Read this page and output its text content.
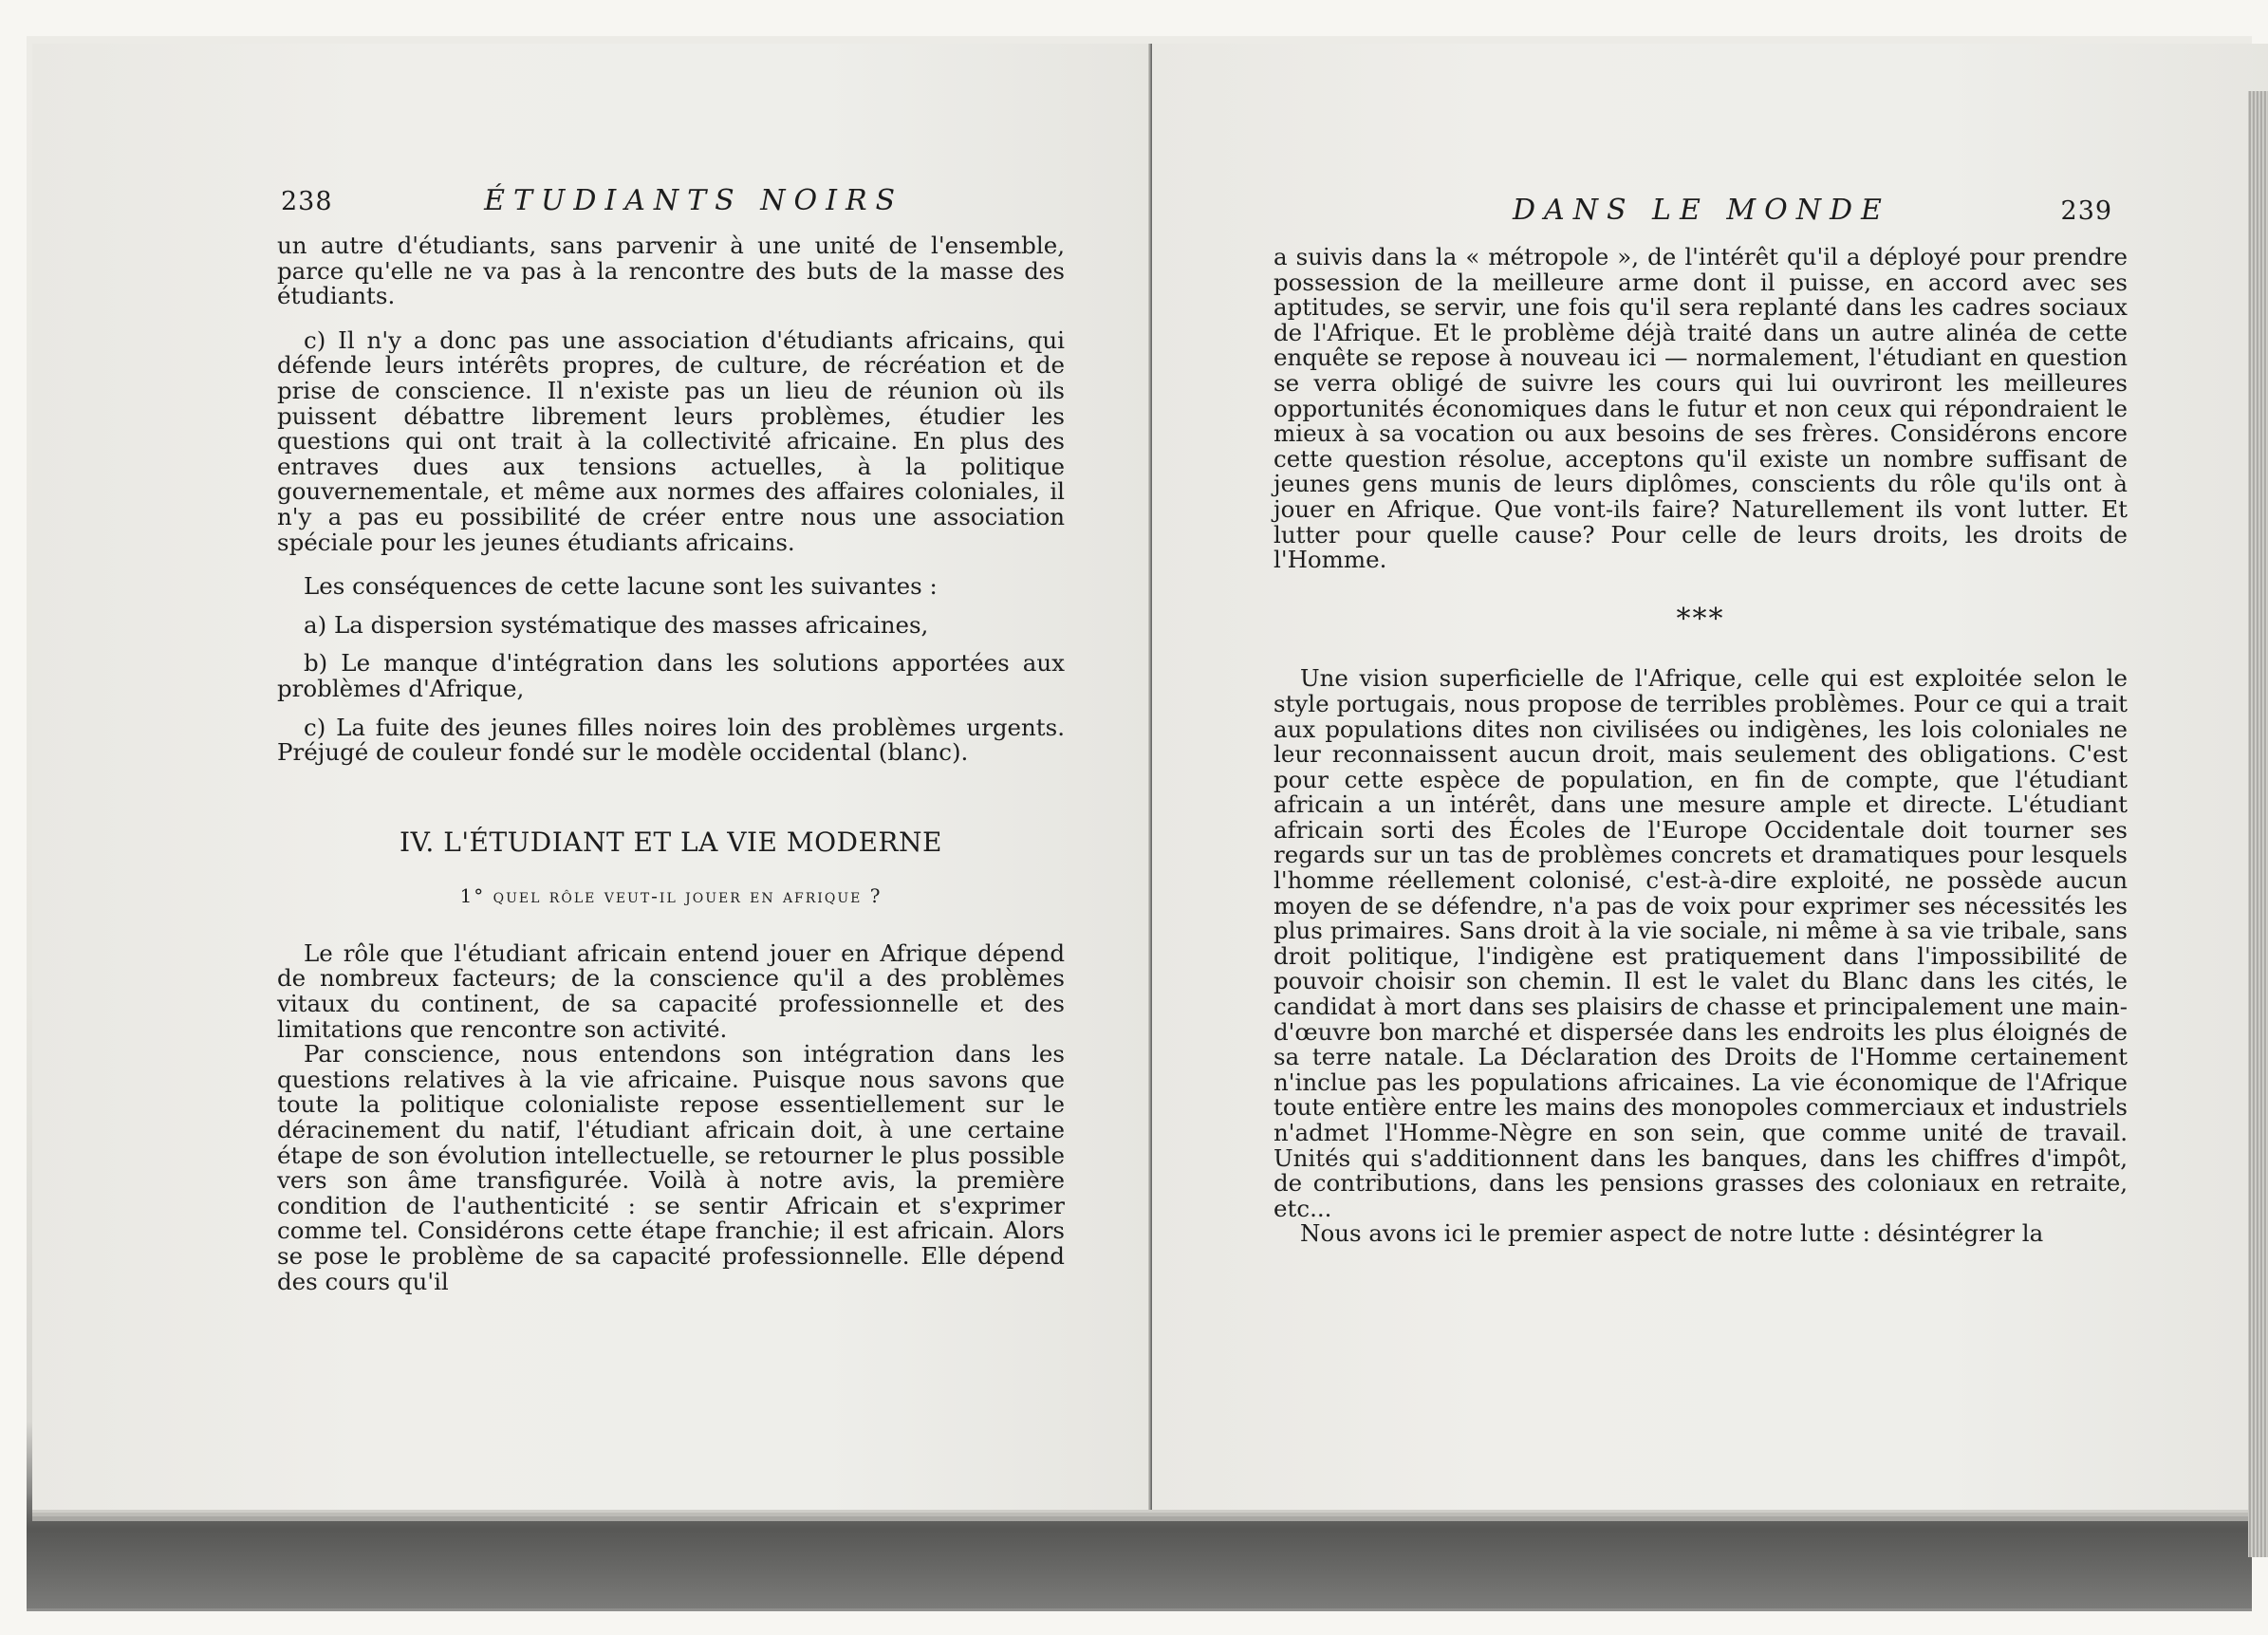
238	ÉTUDIANTS NOIRS

un autre d'étudiants, sans parvenir à une unité de l'ensemble, parce qu'elle ne va pas à la rencontre des buts de la masse des étudiants.

c) Il n'y a donc pas une association d'étudiants africains, qui défende leurs intérêts propres, de culture, de récréation et de prise de conscience. Il n'existe pas un lieu de réunion où ils puissent débattre librement leurs problèmes, étudier les questions qui ont trait à la collectivité africaine. En plus des entraves dues aux tensions actuelles, à la politique gouvernementale, et même aux normes des affaires coloniales, il n'y a pas eu possibilité de créer entre nous une association spéciale pour les jeunes étudiants africains.

Les conséquences de cette lacune sont les suivantes :

a) La dispersion systématique des masses africaines,

b) Le manque d'intégration dans les solutions apportées aux problèmes d'Afrique,

c) La fuite des jeunes filles noires loin des problèmes urgents. Préjugé de couleur fondé sur le modèle occidental (blanc).

IV. L'ÉTUDIANT ET LA VIE MODERNE
1° quel rôle veut-il jouer en afrique ?

Le rôle que l'étudiant africain entend jouer en Afrique dépend de nombreux facteurs; de la conscience qu'il a des problèmes vitaux du continent, de sa capacité professionnelle et des limitations que rencontre son activité.

Par conscience, nous entendons son intégration dans les questions relatives à la vie africaine. Puisque nous savons que toute la politique colonialiste repose essentiellement sur le déracinement du natif, l'étudiant africain doit, à une certaine étape de son évolution intellectuelle, se retourner le plus possible vers son âme transfigurée. Voilà à notre avis, la première condition de l'authenticité : se sentir Africain et s'exprimer comme tel. Considérons cette étape franchie; il est africain. Alors se pose le problème de sa capacité professionnelle. Elle dépend des cours qu'il

DANS LE MONDE	239

a suivis dans la « métropole », de l'intérêt qu'il a déployé pour prendre possession de la meilleure arme dont il puisse, en accord avec ses aptitudes, se servir, une fois qu'il sera replanté dans les cadres sociaux de l'Afrique. Et le problème déjà traité dans un autre alinéa de cette enquête se repose à nouveau ici — normalement, l'étudiant en question se verra obligé de suivre les cours qui lui ouvriront les meilleures opportunités économiques dans le futur et non ceux qui répondraient le mieux à sa vocation ou aux besoins de ses frères. Considérons encore cette question résolue, acceptons qu'il existe un nombre suffisant de jeunes gens munis de leurs diplômes, conscients du rôle qu'ils ont à jouer en Afrique. Que vont-ils faire? Naturellement ils vont lutter. Et lutter pour quelle cause? Pour celle de leurs droits, les droits de l'Homme.

***

Une vision superficielle de l'Afrique, celle qui est exploitée selon le style portugais, nous propose de terribles problèmes. Pour ce qui a trait aux populations dites non civilisées ou indigènes, les lois coloniales ne leur reconnaissent aucun droit, mais seulement des obligations. C'est pour cette espèce de population, en fin de compte, que l'étudiant africain a un intérêt, dans une mesure ample et directe. L'étudiant africain sorti des Écoles de l'Europe Occidentale doit tourner ses regards sur un tas de problèmes concrets et dramatiques pour lesquels l'homme réellement colonisé, c'est-à-dire exploité, ne possède aucun moyen de se défendre, n'a pas de voix pour exprimer ses nécessités les plus primaires. Sans droit à la vie sociale, ni même à sa vie tribale, sans droit politique, l'indigène est pratiquement dans l'impossibilité de pouvoir choisir son chemin. Il est le valet du Blanc dans les cités, le candidat à mort dans ses plaisirs de chasse et principalement une main-d'œuvre bon marché et dispersée dans les endroits les plus éloignés de sa terre natale. La Déclaration des Droits de l'Homme certainement n'inclue pas les populations africaines. La vie économique de l'Afrique toute entière entre les mains des monopoles commerciaux et industriels n'admet l'Homme-Nègre en son sein, que comme unité de travail. Unités qui s'additionnent dans les banques, dans les chiffres d'impôt, de contributions, dans les pensions grasses des coloniaux en retraite, etc...

Nous avons ici le premier aspect de notre lutte : désintégrer la
